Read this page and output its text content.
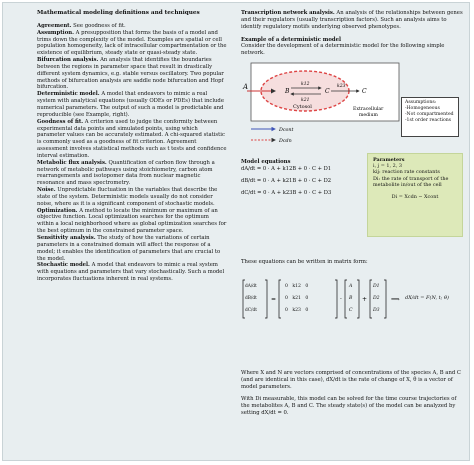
Mathematical modeling definitions and techniques

Agreement. See goodness of fit.

Assumption. A presupposition that forms the basis of a model and trims down the complexity of the model. Examples are spatial or cell population homogeneity, lack of intracellular compartmentation or the existence of equilibrium, steady state or quasi-steady state.

Bifurcation analysis. An analysis that identifies the boundaries between the regions in parameter space that result in drastically different system dynamics, e.g. stable versus oscillatory. Two popular methods of bifurcation analysis are saddle node bifurcation and Hopf bifurcation.

Deterministic model. A model that endeavors to mimic a real system with analytical equations (usually ODEs or PDEs) that include numerical parameters. The output of such a model is predictable and reproducible (see Example, right).

Goodness of fit. A criterion used to judge the conformity between experimental data points and simulated points, using which parameter values can be accurately estimated. A chi-squared statistic is commonly used as a goodness of fit criterion. Agreement assessment involves statistical methods such as t tests and confidence interval estimation.

Metabolic flux analysis. Quantification of carbon flow through a network of metabolic pathways using stoichiometry, carbon atom rearrangements and isotopomer data from nuclear magnetic resonance and mass spectrometry.

Noise. Unpredictable fluctuation in the variables that describe the state of the system. Deterministic models usually do not consider noise, where as it is a significant component of stochastic models.

Optimization. A method to locate the minimum or maximum of an objective function. Local optimization searches for the optimum within a local neighborhood where as global optimization searches for the best optimum in the constrained parameter space.

Sensitivity analysis. The study of how the variations of certain parameters in a constrained domain will affect the response of a model; it enables the identification of parameters that are crucial to the model.

Stochastic model. A model that endeavors to mimic a real system with equations and parameters that vary stochastically. Such a model incorporates fluctuations inherent in real systems.

Transcription network analysis. An analysis of the relationships between genes and their regulators (usually transcription factors). Such an analysis aims to identify regulatory motifs underlying observed phenotypes.

Example of a deterministic model

Consider the development of a deterministic model for the following simple network.

A
B
k12
k21
C
k23
C
Cytosol	Extracellular
medium
Dcont
Dcdn
Assumptions:
-Homogeneous
-Not compartmented
-1st order reactions

Model equations

dA/dt = 0 · A + k12B + 0 · C + D1
dB/dt = 0 · A + k21B + 0 · C + D2
dC/dt = 0 · A + k23B + 0 · C + D3
Parameters
i, j = 1, 2, 3
kij: reaction rate constants
Di: the rate of transport of the metabolite in/out of the cell
Di = Xcdn − Xcont

These equations can be written in matrix form:

=	·	+	⟹
dA/dt
dB/dt
dC/dt
0 k12 0
0 k21 0
0 k23 0
A
B
C
D1
D2
D3
dX/dt = F(N, t; θ)

Where X and N are vectors comprised of concentrations of the species A, B and C (and are identical in this case), dX/dt is the rate of change of X, θ is a vector of model parameters.

With Di measurable, this model can be solved for the time course trajectories of the metabolites A, B and C. The steady state(s) of the model can be analyzed by setting dX/dt = 0.
